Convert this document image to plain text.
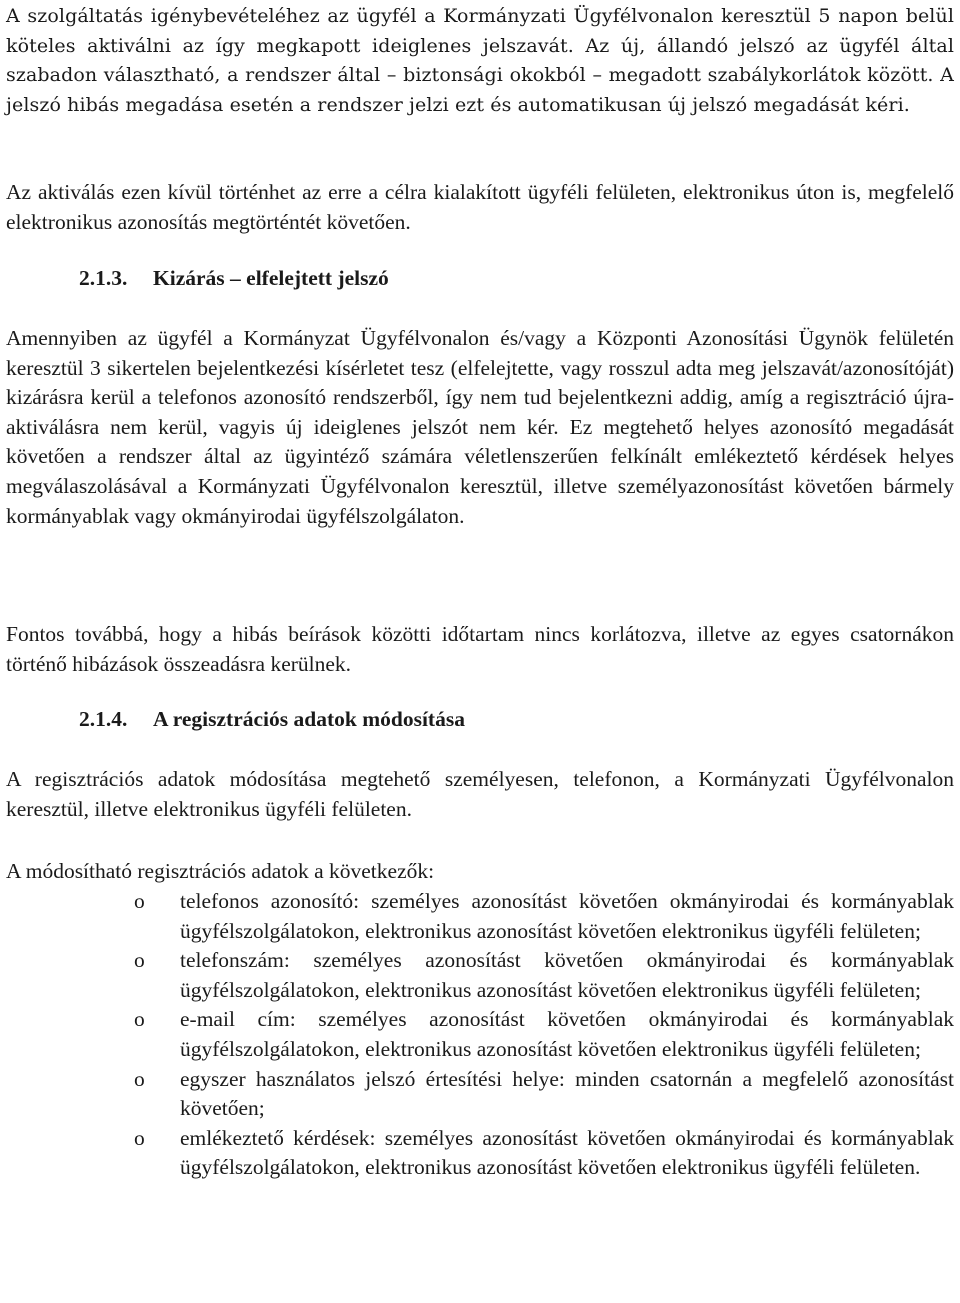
A szolgáltatás igénybevételéhez az ügyfél a Kormányzati Ügyfélvonalon keresztül 5 napon belül köteles aktiválni az így megkapott ideiglenes jelszavát. Az új, állandó jelszó az ügyfél által szabadon választható, a rendszer által – biztonsági okokból – megadott szabálykorlátok között. A jelszó hibás megadása esetén a rendszer jelzi ezt és automatikusan új jelszó megadását kéri.

Az aktiválás ezen kívül történhet az erre a célra kialakított ügyféli felületen, elektronikus úton is, megfelelő elektronikus azonosítás megtörténtét követően.

2.1.3. Kizárás – elfelejtett jelszó

Amennyiben az ügyfél a Kormányzat Ügyfélvonalon és/vagy a Központi Azonosítási Ügynök felületén keresztül 3 sikertelen bejelentkezési kísérletet tesz (elfelejtette, vagy rosszul adta meg jelszavát/azonosítóját) kizárásra kerül a telefonos azonosító rendszerből, így nem tud bejelentkezni addig, amíg a regisztráció újra-aktiválásra nem kerül, vagyis új ideiglenes jelszót nem kér. Ez megtehető helyes azonosító megadását követően a rendszer által az ügyintéző számára véletlenszerűen felkínált emlékeztető kérdések helyes megválaszolásával a Kormányzati Ügyfélvonalon keresztül, illetve személyazonosítást követően bármely kormányablak vagy okmányirodai ügyfélszolgálaton.

Fontos továbbá, hogy a hibás beírások közötti időtartam nincs korlátozva, illetve az egyes csatornákon történő hibázások összeadásra kerülnek.

2.1.4. A regisztrációs adatok módosítása

A regisztrációs adatok módosítása megtehető személyesen, telefonon, a Kormányzati Ügyfélvonalon keresztül, illetve elektronikus ügyféli felületen.

A módosítható regisztrációs adatok a következők:

o telefonos azonosító: személyes azonosítást követően okmányirodai és kormányablak ügyfélszolgálatokon, elektronikus azonosítást követően elektronikus ügyféli felületen;
o telefonszám: személyes azonosítást követően okmányirodai és kormányablak ügyfélszolgálatokon, elektronikus azonosítást követően elektronikus ügyféli felületen;
o e-mail cím: személyes azonosítást követően okmányirodai és kormányablak ügyfélszolgálatokon, elektronikus azonosítást követően elektronikus ügyféli felületen;
o egyszer használatos jelszó értesítési helye: minden csatornán a megfelelő azonosítást követően;
o emlékeztető kérdések: személyes azonosítást követően okmányirodai és kormányablak ügyfélszolgálatokon, elektronikus azonosítást követően elektronikus ügyféli felületen.
